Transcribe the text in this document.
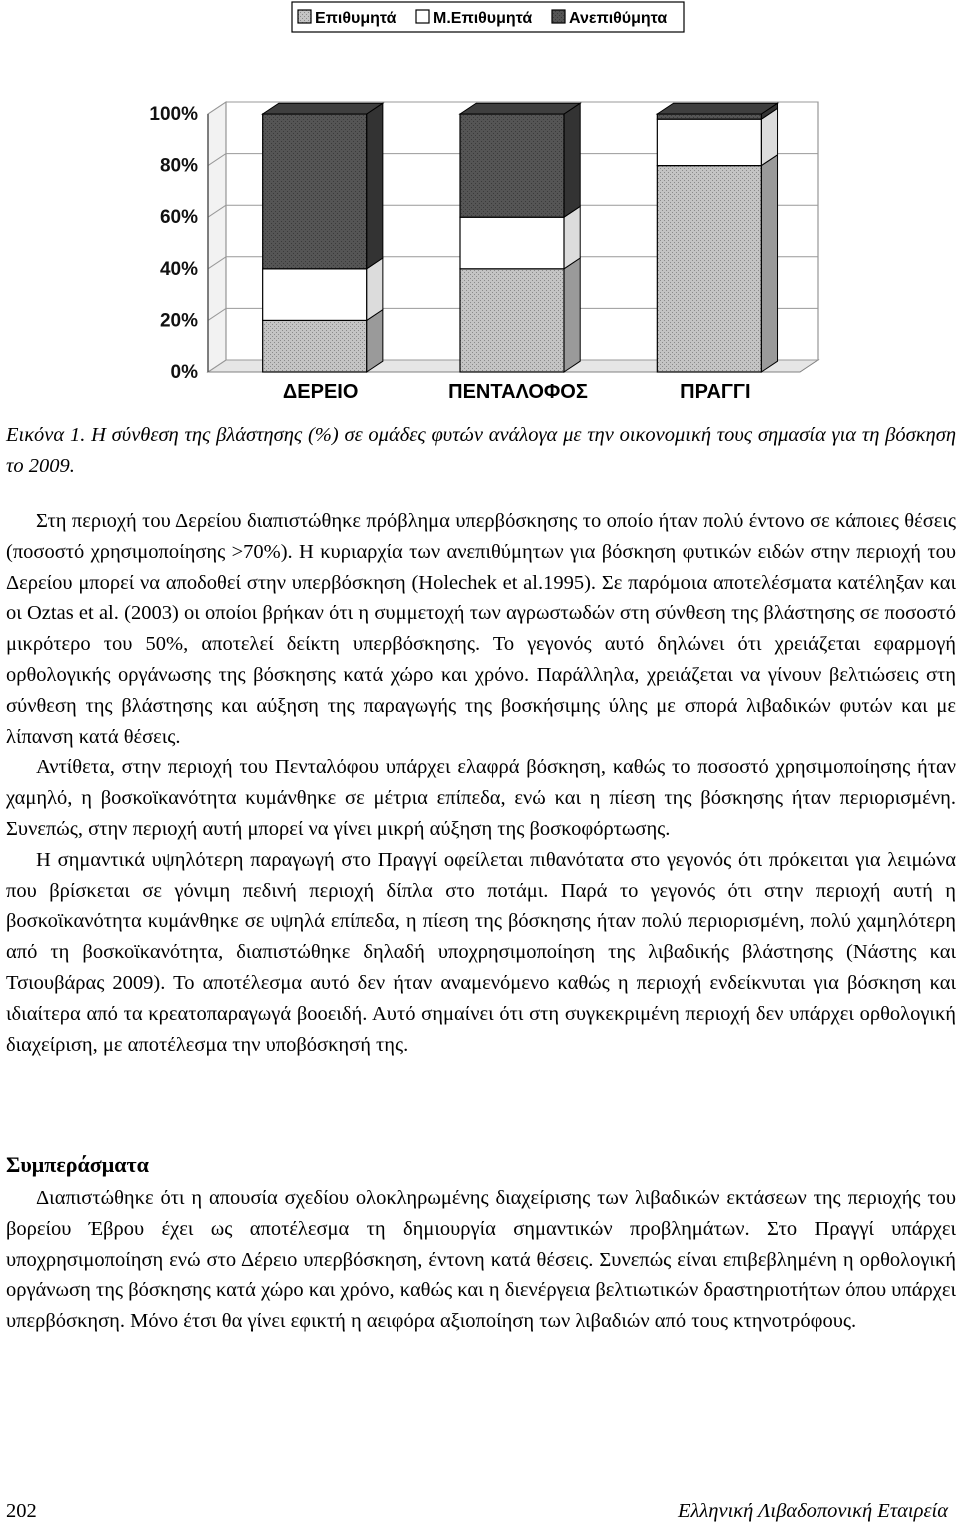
0%
20%
40%
60%
80%
100%
ΔΕΡΕΙΟ	ΠΕΝΤΑΛΟΦΟΣ	ΠΡΑΓΓΙ
Επιθυμητά Μ.Επιθυμητά Ανεπιθύμητα
Εικόνα 1. Η σύνθεση της βλάστησης (%) σε ομάδες φυτών ανάλογα με την οικονομική τους σημασία για τη βόσκηση το 2009.

Στη περιοχή του Δερείου διαπιστώθηκε πρόβλημα υπερβόσκησης το οποίο ήταν πολύ έντονο σε κάποιες θέσεις (ποσοστό χρησιμοποίησης >70%). Η κυριαρχία των ανεπιθύμητων για βόσκηση φυτικών ειδών στην περιοχή του Δερείου μπορεί να αποδοθεί στην υπερβόσκηση (Holechek et al.1995). Σε παρόμοια αποτελέσματα κατέληξαν και οι Oztas et al. (2003) οι οποίοι βρήκαν ότι η συμμετοχή των αγρωστωδών στη σύνθεση της βλάστησης σε ποσοστό μικρότερο του 50%, αποτελεί δείκτη υπερβόσκησης. Το γεγονός αυτό δηλώνει ότι χρειάζεται εφαρμογή ορθολογικής οργάνωσης της βόσκησης κατά χώρο και χρόνο. Παράλληλα, χρειάζεται να γίνουν βελτιώσεις στη σύνθεση της βλάστησης και αύξηση της παραγωγής της βοσκήσιμης ύλης με σπορά λιβαδικών φυτών και με λίπανση κατά θέσεις.

Αντίθετα, στην περιοχή του Πενταλόφου υπάρχει ελαφρά βόσκηση, καθώς το ποσοστό χρησιμοποίησης ήταν χαμηλό, η βοσκοϊκανότητα κυμάνθηκε σε μέτρια επίπεδα, ενώ και η πίεση της βόσκησης ήταν περιορισμένη. Συνεπώς, στην περιοχή αυτή μπορεί να γίνει μικρή αύξηση της βοσκοφόρτωσης.

Η σημαντικά υψηλότερη παραγωγή στο Πραγγί οφείλεται πιθανότατα στο γεγονός ότι πρόκειται για λειμώνα που βρίσκεται σε γόνιμη πεδινή περιοχή δίπλα στο ποτάμι. Παρά το γεγονός ότι στην περιοχή αυτή η βοσκοϊκανότητα κυμάνθηκε σε υψηλά επίπεδα, η πίεση της βόσκησης ήταν πολύ περιορισμένη, πολύ χαμηλότερη από τη βοσκοϊκανότητα, διαπιστώθηκε δηλαδή υποχρησιμοποίηση της λιβαδικής βλάστησης (Νάστης και Τσιουβάρας 2009). Το αποτέλεσμα αυτό δεν ήταν αναμενόμενο καθώς η περιοχή ενδείκνυται για βόσκηση και ιδιαίτερα από τα κρεατοπαραγωγά βοοειδή. Αυτό σημαίνει ότι στη συγκεκριμένη περιοχή δεν υπάρχει ορθολογική διαχείριση, με αποτέλεσμα την υποβόσκησή της.

Συμπεράσματα

Διαπιστώθηκε ότι η απουσία σχεδίου ολοκληρωμένης διαχείρισης των λιβαδικών εκτάσεων της περιοχής του βορείου Έβρου έχει ως αποτέλεσμα τη δημιουργία σημαντικών προβλημάτων. Στο Πραγγί υπάρχει υποχρησιμοποίηση ενώ στο Δέρειο υπερβόσκηση, έντονη κατά θέσεις. Συνεπώς είναι επιβεβλημένη η ορθολογική οργάνωση της βόσκησης κατά χώρο και χρόνο, καθώς και η διενέργεια βελτιωτικών δραστηριοτήτων όπου υπάρχει υπερβόσκηση. Μόνο έτσι θα γίνει εφικτή η αειφόρα αξιοποίηση των λιβαδιών από τους κτηνοτρόφους.

202	Ελληνική Λιβαδοπονική Εταιρεία
